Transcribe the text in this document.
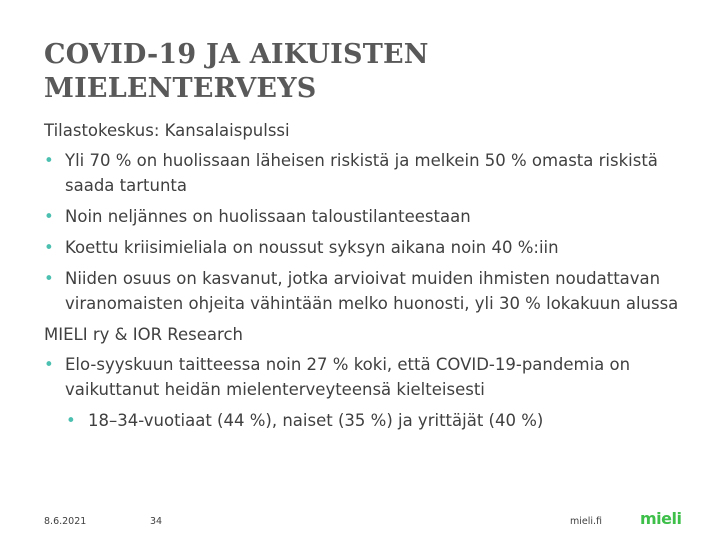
COVID-19 JA AIKUISTEN MIELENTERVEYS

Tilastokeskus: Kansalaispulssi

• Yli 70 % on huolissaan läheisen riskistä ja melkein 50 % omasta riskistä saada tartunta
• Noin neljännes on huolissaan taloustilanteestaan
• Koettu kriisimieliala on noussut syksyn aikana noin 40 %:iin
• Niiden osuus on kasvanut, jotka arvioivat muiden ihmisten noudattavan viranomaisten ohjeita vähintään melko huonosti, yli 30 % lokakuun alussa

MIELI ry & IOR Research

• Elo-syyskuun taitteessa noin 27 % koki, että COVID-19-pandemia on vaikuttanut heidän mielenterveyteensä kielteisesti
• 18–34-vuotiaat (44 %), naiset (35 %) ja yrittäjät (40 %)
8.6.2021	34	mieli.fi mieli
